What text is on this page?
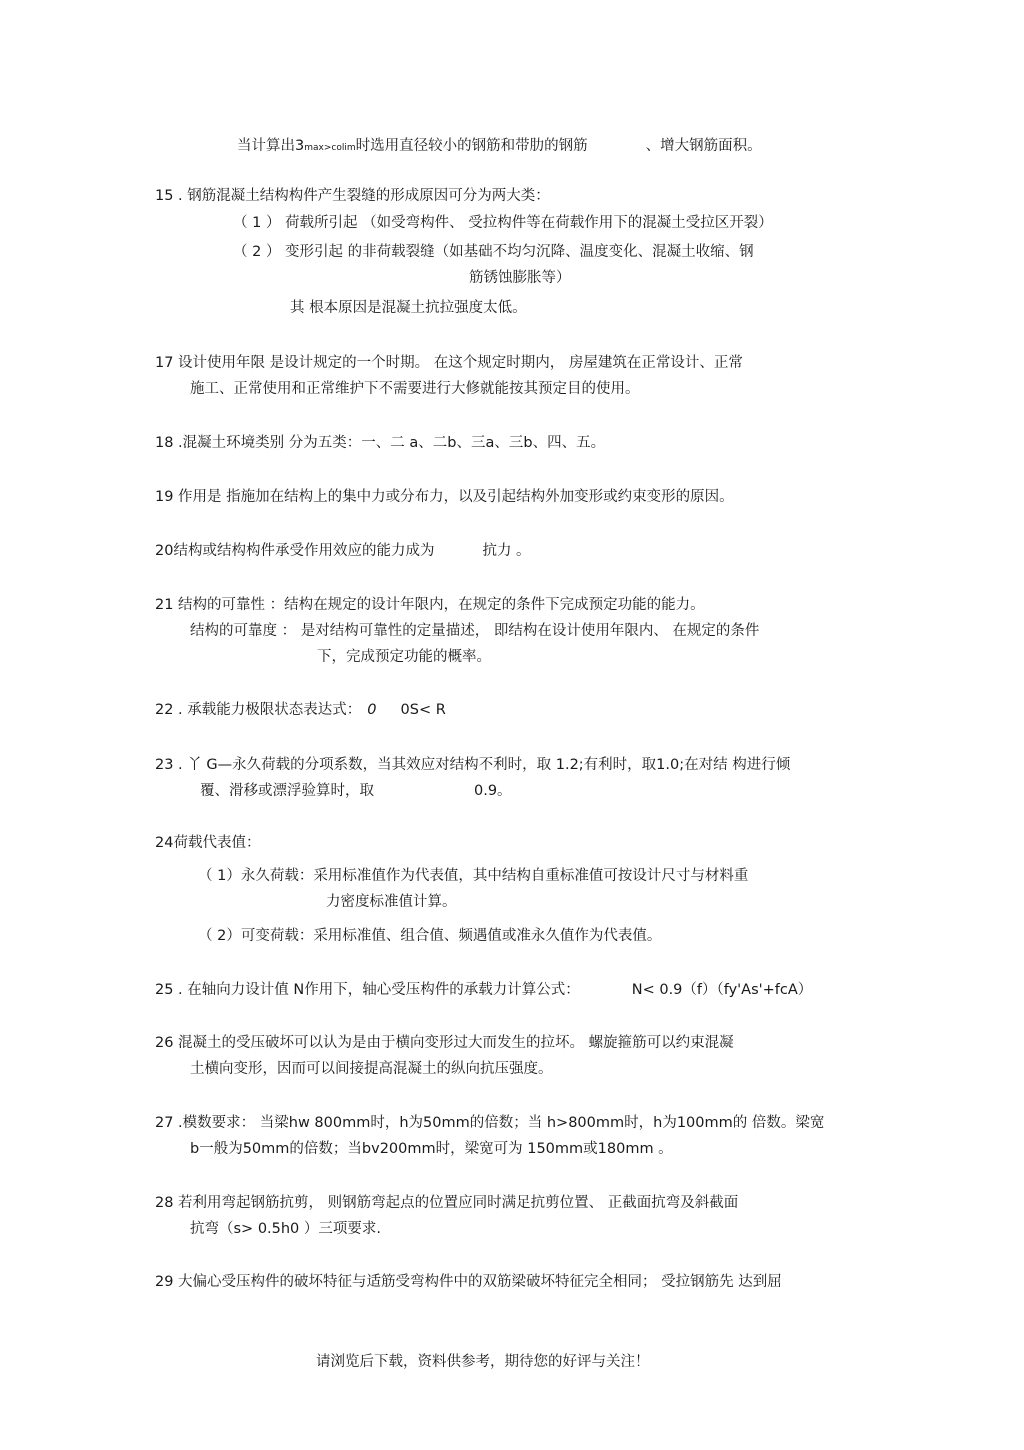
当计算出3max>colim时选用直径较小的钢筋和带肋的钢筋	、增大钢筋面积。
15 . 钢筋混凝土结构构件产生裂缝的形成原因可分为两大类：
（ 1 ） 荷载所引起 （如受弯构件、 受拉构件等在荷载作用下的混凝土受拉区开裂）
（ 2 ） 变形引起 的非荷载裂缝（如基础不均匀沉降、温度变化、混凝土收缩、钢
筋锈蚀膨胀等）
其 根本原因是混凝土抗拉强度太低。
17 设计使用年限 是设计规定的一个时期。 在这个规定时期内， 房屋建筑在正常设计、正常
施工、正常使用和正常维护下不需要进行大修就能按其预定目的使用。
18 .混凝土环境类别 分为五类：一、二 a、二b、三a、三b、四、五。
19 作用是 指施加在结构上的集中力或分布力，以及引起结构外加变形或约束变形的原因。
20结构或结构构件承受作用效应的能力成为	抗力 。
21 结构的可靠性 ：结构在规定的设计年限内，在规定的条件下完成预定功能的能力。
结构的可靠度 ： 是对结构可靠性的定量描述， 即结构在设计使用年限内、 在规定的条件
下，完成预定功能的概率。
22 . 承载能力极限状态表达式： 0 0S< R
23 . 丫 G—永久荷载的分项系数，当其效应对结构不利时，取 1.2;有利时，取1.0;在对结 构进行倾
覆、滑移或漂浮验算时，取	0.9。
24荷载代表值：
（ 1）永久荷载：采用标准值作为代表值，其中结构自重标准值可按设计尺寸与材料重
力密度标准值计算。
（ 2）可变荷载：采用标准值、组合值、频遇值或准永久值作为代表值。
25 . 在轴向力设计值 N作用下，轴心受压构件的承载力计算公式：	N< 0.9（f）（fy'As'+fcA）
26 混凝土的受压破坏可以认为是由于横向变形过大而发生的拉坏。 螺旋箍筋可以约束混凝
土横向变形，因而可以间接提高混凝土的纵向抗压强度。
27 .模数要求： 当梁hw 800mm时，h为50mm的倍数；当 h>800mm时，h为100mm的 倍数。梁宽
b一般为50mm的倍数；当bv200mm时，梁宽可为 150mm或180mm 。
28 若利用弯起钢筋抗剪， 则钢筋弯起点的位置应同时满足抗剪位置、 正截面抗弯及斜截面
抗弯（s> 0.5h0 ）三项要求.
29 大偏心受压构件的破坏特征与适筋受弯构件中的双筋梁破坏特征完全相同； 受拉钢筋先 达到屈
请浏览后下载，资料供参考，期待您的好评与关注！
